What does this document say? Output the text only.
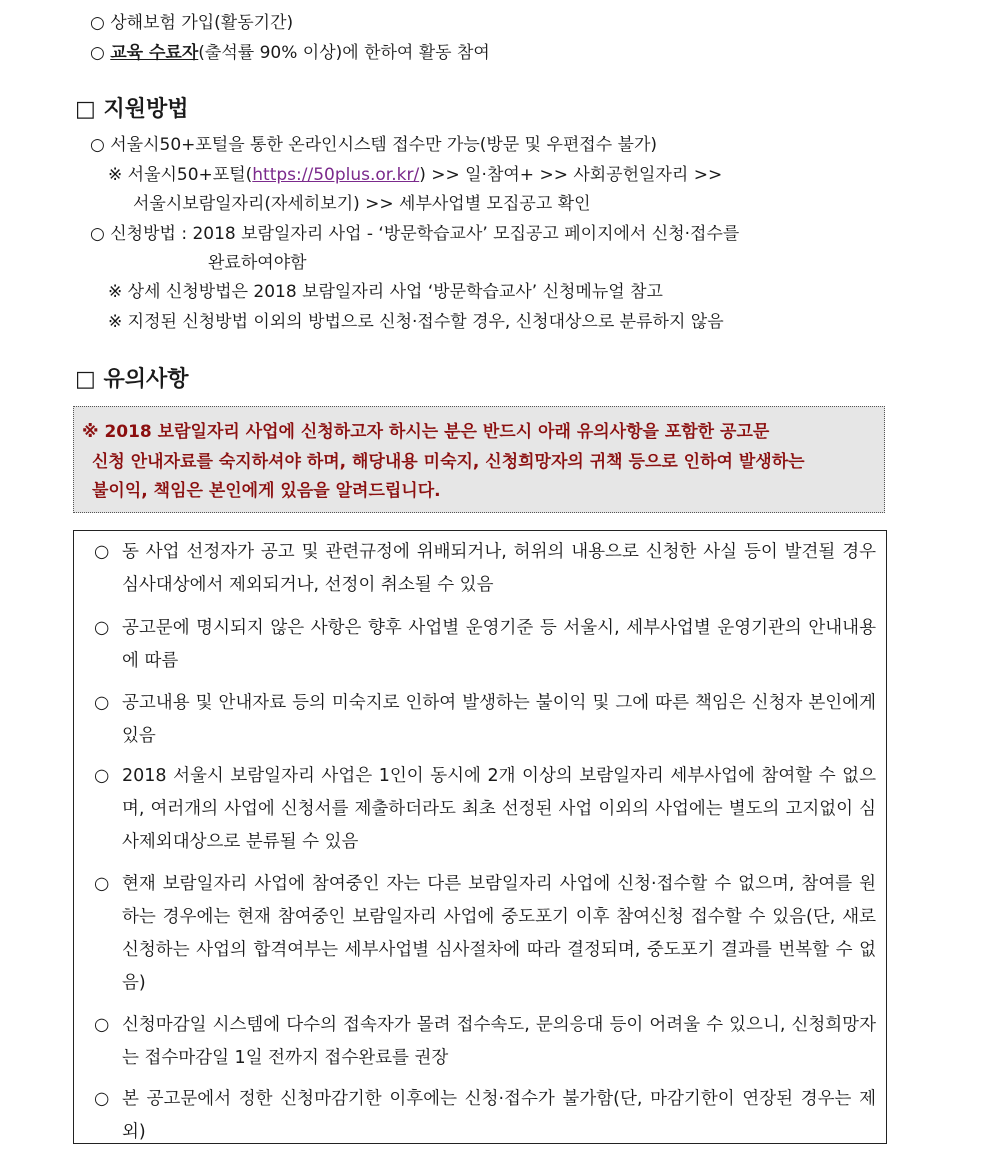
○ 상해보험 가입(활동기간)
○ 교육 수료자(출석률 90% 이상)에 한하여 활동 참여
□ 지원방법
○ 서울시50+포털을 통한 온라인시스템 접수만 가능(방문 및 우편접수 불가)
※ 서울시50+포털(https://50plus.or.kr/) >> 일·참여+ >> 사회공헌일자리 >>
서울시보람일자리(자세히보기) >> 세부사업별 모집공고 확인
○ 신청방법 : 2018 보람일자리 사업 - ‘방문학습교사’ 모집공고 페이지에서 신청·접수를
완료하여야함
※ 상세 신청방법은 2018 보람일자리 사업 ‘방문학습교사’ 신청메뉴얼 참고
※ 지정된 신청방법 이외의 방법으로 신청·접수할 경우, 신청대상으로 분류하지 않음
□ 유의사항
※ 2018 보람일자리 사업에 신청하고자 하시는 분은 반드시 아래 유의사항을 포함한 공고문
신청 안내자료를 숙지하셔야 하며, 해당내용 미숙지, 신청희망자의 귀책 등으로 인하여 발생하는
불이익, 책임은 본인에게 있음을 알려드립니다.
○ 동 사업 선정자가 공고 및 관련규정에 위배되거나, 허위의 내용으로 신청한 사실 등이 발견될 경우 심사대상에서 제외되거나, 선정이 취소될 수 있음
○ 공고문에 명시되지 않은 사항은 향후 사업별 운영기준 등 서울시, 세부사업별 운영기관의 안내내용에 따름
○ 공고내용 및 안내자료 등의 미숙지로 인하여 발생하는 불이익 및 그에 따른 책임은 신청자 본인에게 있음
○ 2018 서울시 보람일자리 사업은 1인이 동시에 2개 이상의 보람일자리 세부사업에 참여할 수 없으며, 여러개의 사업에 신청서를 제출하더라도 최초 선정된 사업 이외의 사업에는 별도의 고지없이 심사제외대상으로 분류될 수 있음
○ 현재 보람일자리 사업에 참여중인 자는 다른 보람일자리 사업에 신청·접수할 수 없으며, 참여를 원하는 경우에는 현재 참여중인 보람일자리 사업에 중도포기 이후 참여신청 접수할 수 있음(단, 새로 신청하는 사업의 합격여부는 세부사업별 심사절차에 따라 결정되며, 중도포기 결과를 번복할 수 없음)
○ 신청마감일 시스템에 다수의 접속자가 몰려 접수속도, 문의응대 등이 어려울 수 있으니, 신청희망자는 접수마감일 1일 전까지 접수완료를 권장
○ 본 공고문에서 정한 신청마감기한 이후에는 신청·접수가 불가함(단, 마감기한이 연장된 경우는 제외)
